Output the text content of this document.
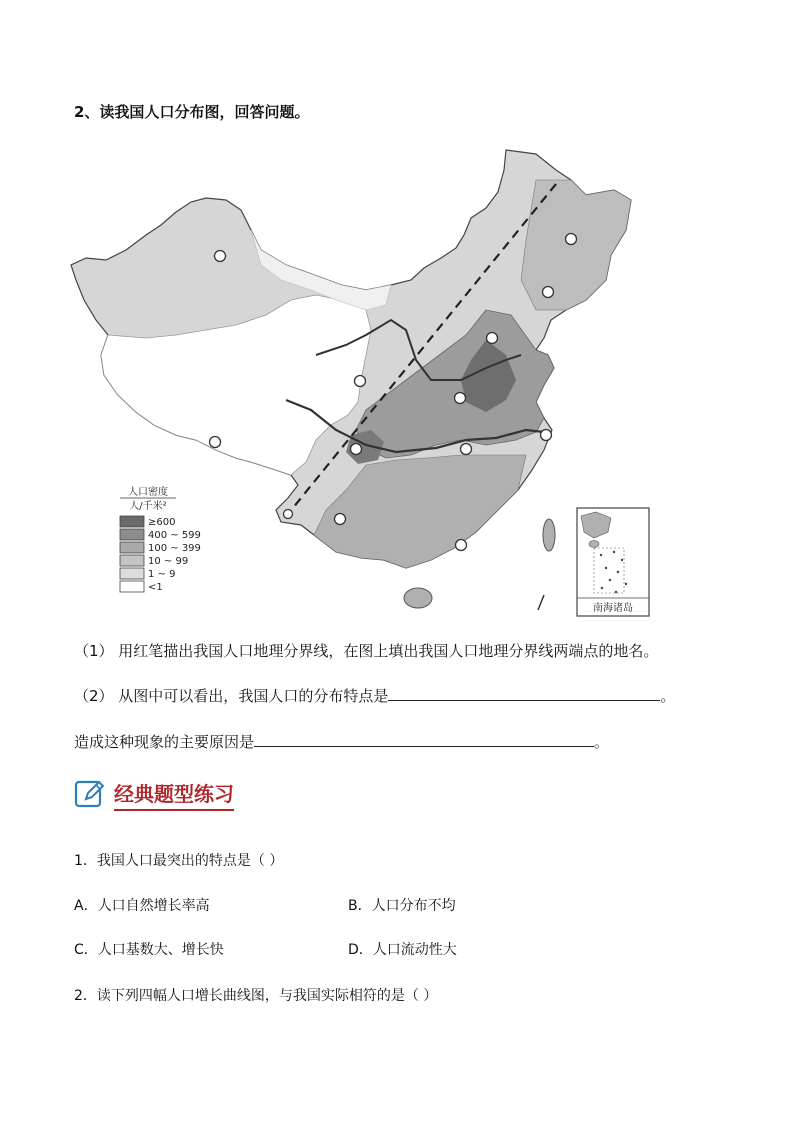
2、读我国人口分布图，回答问题。
人口密度
人/千米²
≥600
400 ~ 599
100 ~ 399
10 ~ 99
1 ~ 9
<1
南海诸岛
（1） 用红笔描出我国人口地理分界线，在图上填出我国人口地理分界线两端点的地名。
（2） 从图中可以看出，我国人口的分布特点是	。
造成这种现象的主要原因是	。
经典题型练习
1．我国人口最突出的特点是（ ）
A．人口自然增长率高	B．人口分布不均
C．人口基数大、增长快	D．人口流动性大
2．读下列四幅人口增长曲线图，与我国实际相符的是（ ）
